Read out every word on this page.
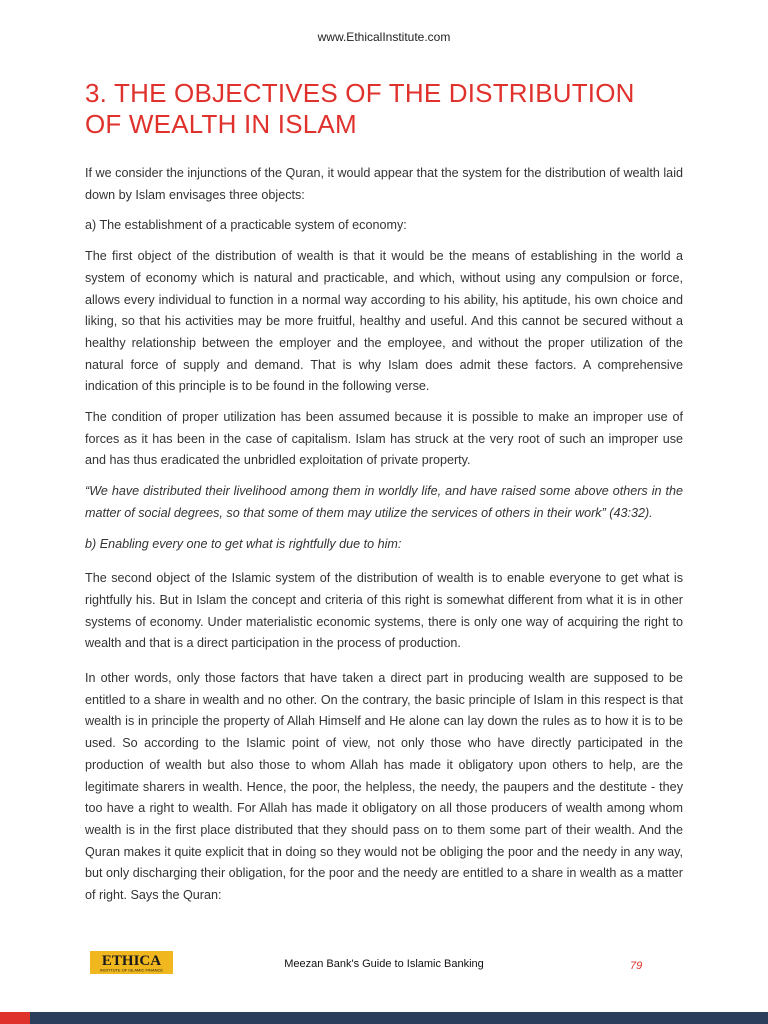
www.EthicalInstitute.com
3. THE OBJECTIVES OF THE DISTRIBUTION
OF WEALTH IN ISLAM

If we consider the injunctions of the Quran, it would appear that the system for the distribution of wealth laid down by Islam envisages three objects:

a) The establishment of a practicable system of economy:

The first object of the distribution of wealth is that it would be the means of establishing in the world a system of economy which is natural and practicable, and which, without using any compulsion or force, allows every individual to function in a normal way according to his ability, his aptitude, his own choice and liking, so that his activities may be more fruitful, healthy and useful. And this cannot be secured without a healthy relationship between the employer and the employee, and without the proper utilization of the natural force of supply and demand. That is why Islam does admit these factors. A comprehensive indication of this principle is to be found in the following verse.

The condition of proper utilization has been assumed because it is possible to make an improper use of forces as it has been in the case of capitalism. Islam has struck at the very root of such an improper use and has thus eradicated the unbridled exploitation of private property.

“We have distributed their livelihood among them in worldly life, and have raised some above others in the matter of social degrees, so that some of them may utilize the services of others in their work” (43:32).

b) Enabling every one to get what is rightfully due to him:

The second object of the Islamic system of the distribution of wealth is to enable everyone to get what is rightfully his. But in Islam the concept and criteria of this right is somewhat different from what it is in other systems of economy. Under materialistic economic systems, there is only one way of acquiring the right to wealth and that is a direct participation in the process of production.

In other words, only those factors that have taken a direct part in producing wealth are supposed to be entitled to a share in wealth and no other. On the contrary, the basic principle of Islam in this respect is that wealth is in principle the property of Allah Himself and He alone can lay down the rules as to how it is to be used. So according to the Islamic point of view, not only those who have directly participated in the production of wealth but also those to whom Allah has made it obligatory upon others to help, are the legitimate sharers in wealth. Hence, the poor, the helpless, the needy, the paupers and the destitute - they too have a right to wealth. For Allah has made it obligatory on all those producers of wealth among whom wealth is in the first place distributed that they should pass on to them some part of their wealth. And the Quran makes it quite explicit that in doing so they would not be obliging the poor and the needy in any way, but only discharging their obligation, for the poor and the needy are entitled to a share in wealth as a matter of right. Says the Quran:

ETHICA
INSTITUTE OF ISLAMIC FINANCE	Meezan Bank's Guide to Islamic Banking	79
